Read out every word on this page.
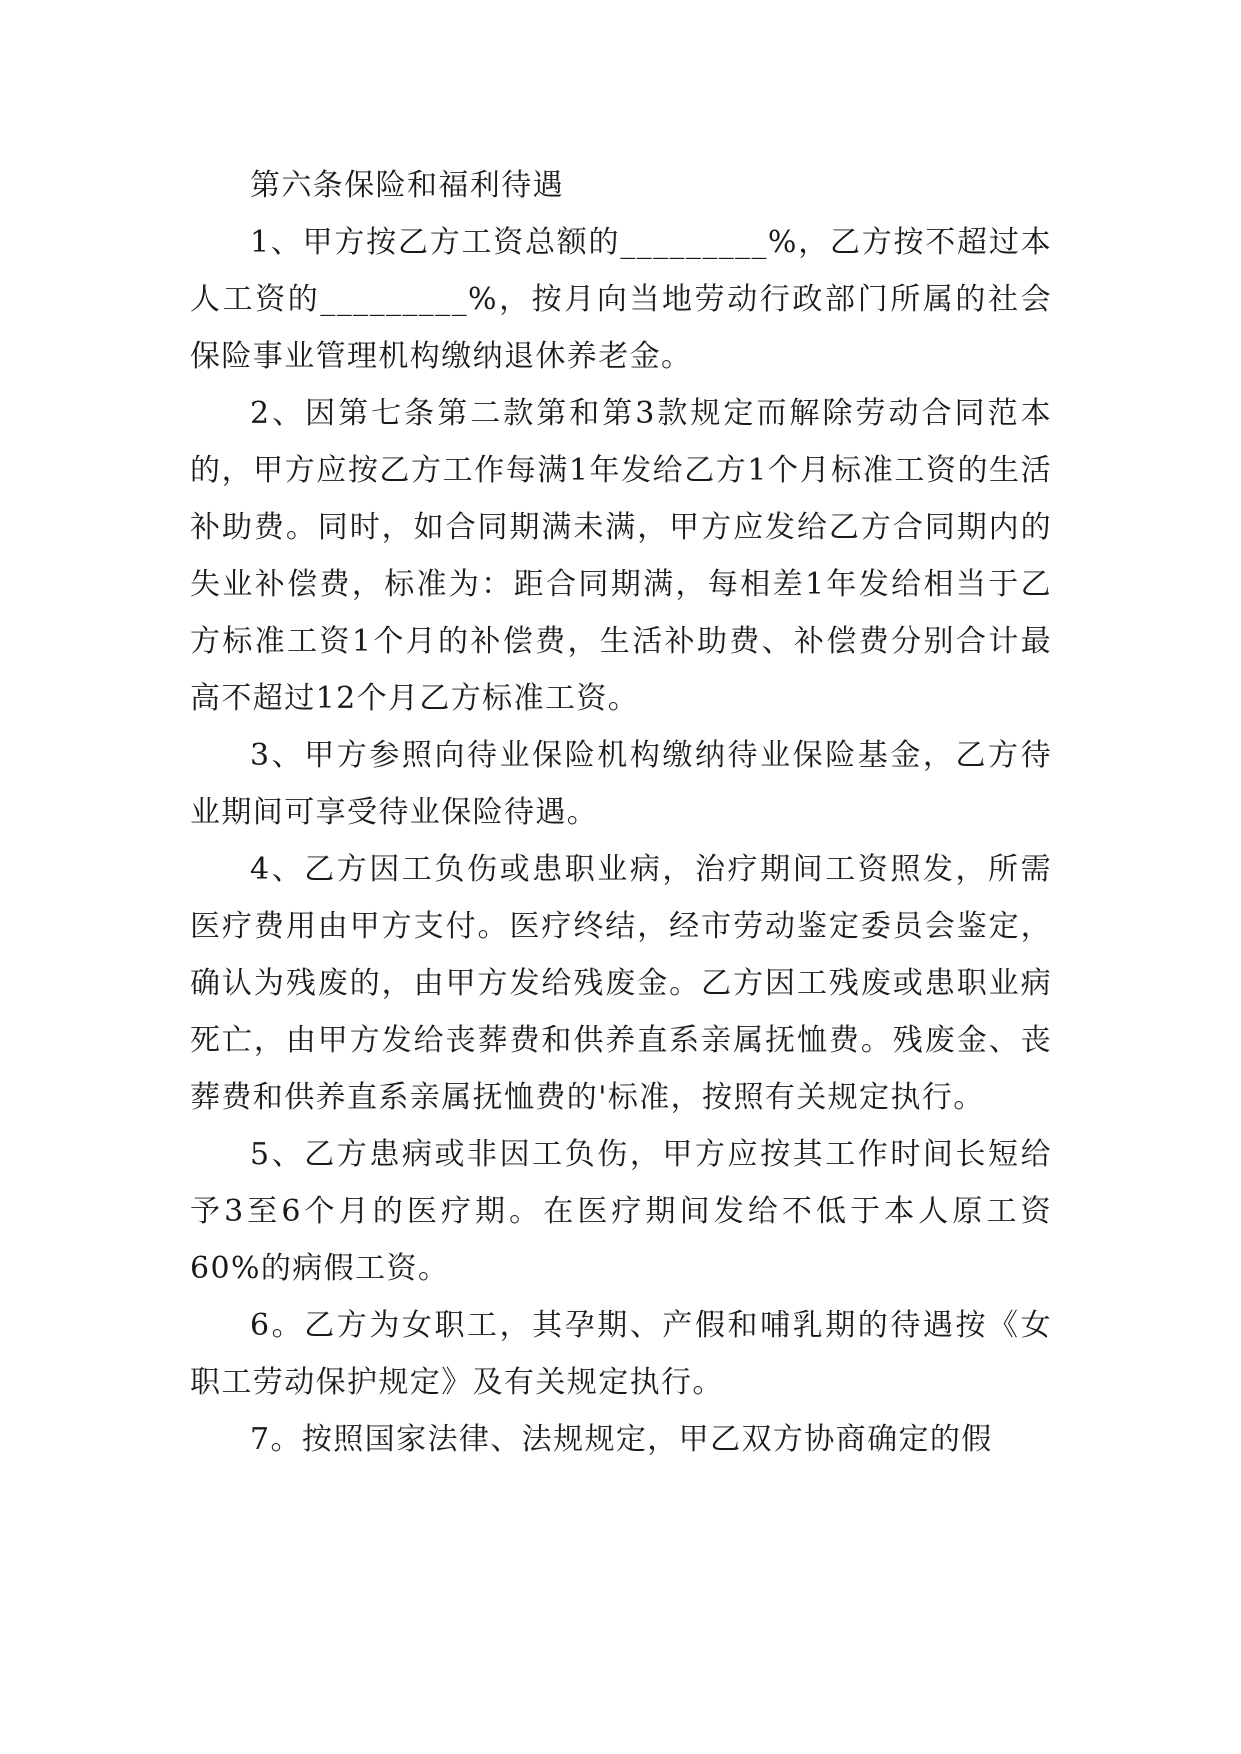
第六条保险和福利待遇

1、甲方按乙方工资总额的_________%，乙方按不超过本人工资的_________%，按月向当地劳动行政部门所属的社会保险事业管理机构缴纳退休养老金。

2、因第七条第二款第和第3款规定而解除劳动合同范本的，甲方应按乙方工作每满1年发给乙方1个月标准工资的生活补助费。同时，如合同期满未满，甲方应发给乙方合同期内的失业补偿费，标准为：距合同期满，每相差1年发给相当于乙方标准工资1个月的补偿费，生活补助费、补偿费分别合计最高不超过12个月乙方标准工资。

3、甲方参照向待业保险机构缴纳待业保险基金，乙方待业期间可享受待业保险待遇。

4、乙方因工负伤或患职业病，治疗期间工资照发，所需医疗费用由甲方支付。医疗终结，经市劳动鉴定委员会鉴定，确认为残废的，由甲方发给残废金。乙方因工残废或患职业病死亡，由甲方发给丧葬费和供养直系亲属抚恤费。残废金、丧葬费和供养直系亲属抚恤费的'标准，按照有关规定执行。

5、乙方患病或非因工负伤，甲方应按其工作时间长短给予3至6个月的医疗期。在医疗期间发给不低于本人原工资60%的病假工资。

6。乙方为女职工，其孕期、产假和哺乳期的待遇按《女职工劳动保护规定》及有关规定执行。

7。按照国家法律、法规规定，甲乙双方协商确定的假
